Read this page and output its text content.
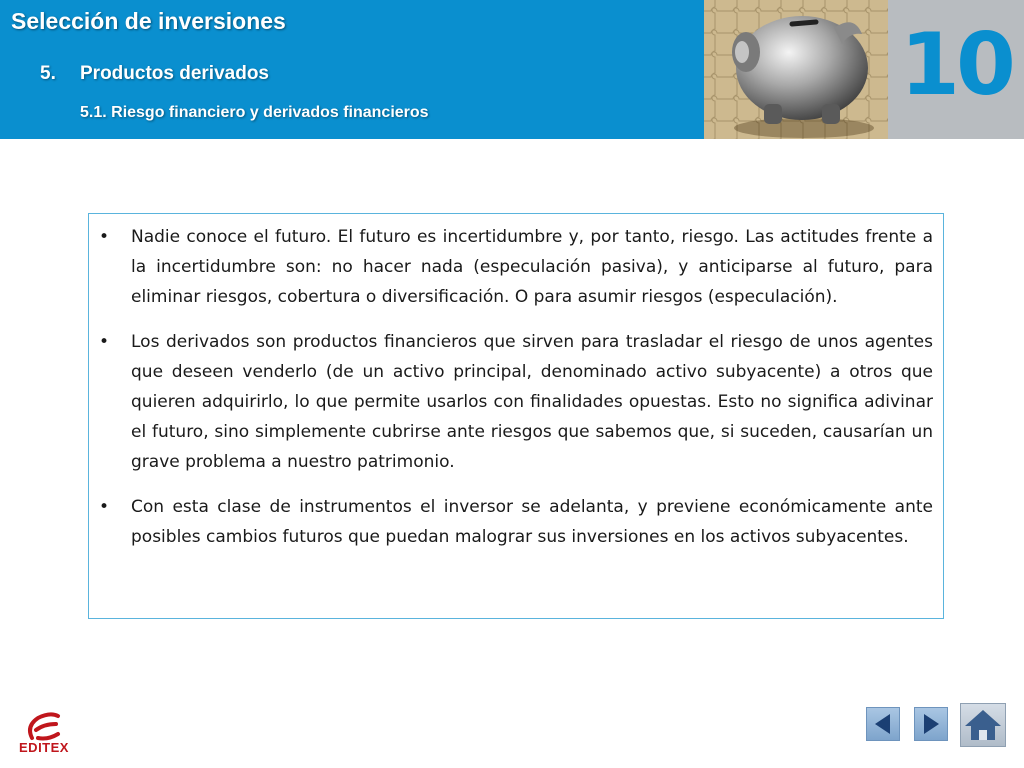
Selección de inversiones
5. Productos derivados
5.1. Riesgo financiero y derivados financieros	10
•	Nadie conoce el futuro. El futuro es incertidumbre y, por tanto, riesgo. Las actitudes frente a la incertidumbre son: no hacer nada (especulación pasiva), y anticiparse al futuro, para eliminar riesgos, cobertura o diversificación. O para asumir riesgos (especulación).
•	Los derivados son productos financieros que sirven para trasladar el riesgo de unos agentes que deseen venderlo (de un activo principal, denominado activo subyacente) a otros que quieren adquirirlo, lo que permite usarlos con finalidades opuestas. Esto no significa adivinar el futuro, sino simplemente cubrirse ante riesgos que sabemos que, si suceden, causarían un grave problema a nuestro patrimonio.
•	Con esta clase de instrumentos el inversor se adelanta, y previene económicamente ante posibles cambios futuros que puedan malograr sus inversiones en los activos subyacentes.
EDITEX
